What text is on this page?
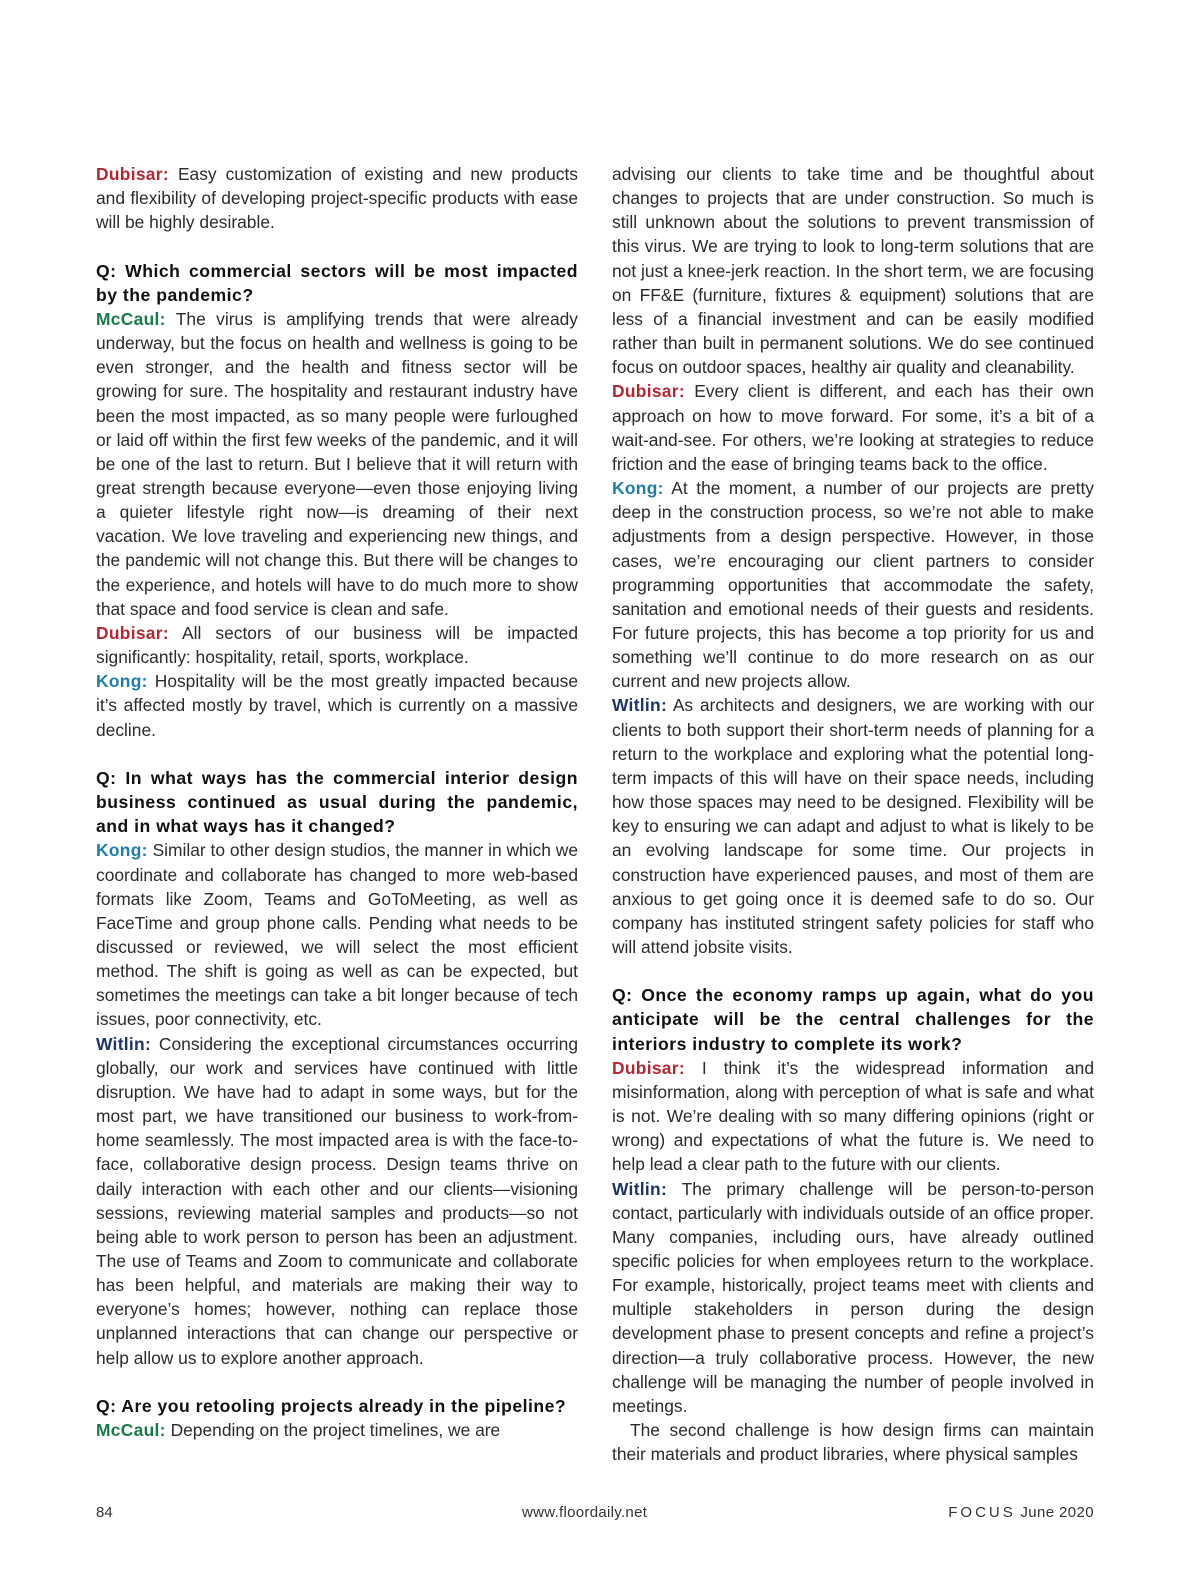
Dubisar: Easy customization of existing and new products and flexibility of developing project-specific products with ease will be highly desirable.

Q: Which commercial sectors will be most impacted by the pandemic?

McCaul: The virus is amplifying trends that were already underway, but the focus on health and wellness is going to be even stronger, and the health and fitness sector will be growing for sure. The hospitality and restaurant industry have been the most impacted, as so many people were furloughed or laid off within the first few weeks of the pandemic, and it will be one of the last to return. But I believe that it will return with great strength because everyone—even those enjoying living a quieter lifestyle right now—is dreaming of their next vacation. We love traveling and experiencing new things, and the pandemic will not change this. But there will be changes to the experience, and hotels will have to do much more to show that space and food service is clean and safe.

Dubisar: All sectors of our business will be impacted significantly: hospitality, retail, sports, workplace.

Kong: Hospitality will be the most greatly impacted because it’s affected mostly by travel, which is currently on a massive decline.

Q: In what ways has the commercial interior design business continued as usual during the pandemic, and in what ways has it changed?

Kong: Similar to other design studios, the manner in which we coordinate and collaborate has changed to more web-based formats like Zoom, Teams and GoToMeeting, as well as FaceTime and group phone calls. Pending what needs to be discussed or reviewed, we will select the most efficient method. The shift is going as well as can be expected, but sometimes the meetings can take a bit longer because of tech issues, poor connectivity, etc.

Witlin: Considering the exceptional circumstances occurring globally, our work and services have continued with little disruption. We have had to adapt in some ways, but for the most part, we have transitioned our business to work-from-home seamlessly. The most impacted area is with the face-to-face, collaborative design process. Design teams thrive on daily interaction with each other and our clients—visioning sessions, reviewing material samples and products—so not being able to work person to person has been an adjustment. The use of Teams and Zoom to communicate and collaborate has been helpful, and materials are making their way to everyone’s homes; however, nothing can replace those unplanned interactions that can change our perspective or help allow us to explore another approach.

Q: Are you retooling projects already in the pipeline?

McCaul: Depending on the project timelines, we are

advising our clients to take time and be thoughtful about changes to projects that are under construction. So much is still unknown about the solutions to prevent transmission of this virus. We are trying to look to long-term solutions that are not just a knee-jerk reaction. In the short term, we are focusing on FF&E (furniture, fixtures & equipment) solutions that are less of a financial investment and can be easily modified rather than built in permanent solutions. We do see continued focus on outdoor spaces, healthy air quality and cleanability.

Dubisar: Every client is different, and each has their own approach on how to move forward. For some, it’s a bit of a wait-and-see. For others, we’re looking at strategies to reduce friction and the ease of bringing teams back to the office.

Kong: At the moment, a number of our projects are pretty deep in the construction process, so we’re not able to make adjustments from a design perspective. However, in those cases, we’re encouraging our client partners to consider programming opportunities that accommodate the safety, sanitation and emotional needs of their guests and residents. For future projects, this has become a top priority for us and something we’ll continue to do more research on as our current and new projects allow.

Witlin: As architects and designers, we are working with our clients to both support their short-term needs of planning for a return to the workplace and exploring what the potential long-term impacts of this will have on their space needs, including how those spaces may need to be designed. Flexibility will be key to ensuring we can adapt and adjust to what is likely to be an evolving landscape for some time. Our projects in construction have experienced pauses, and most of them are anxious to get going once it is deemed safe to do so. Our company has instituted stringent safety policies for staff who will attend jobsite visits.

Q: Once the economy ramps up again, what do you anticipate will be the central challenges for the interiors industry to complete its work?

Dubisar: I think it’s the widespread information and misinformation, along with perception of what is safe and what is not. We’re dealing with so many differing opinions (right or wrong) and expectations of what the future is. We need to help lead a clear path to the future with our clients.

Witlin: The primary challenge will be person-to-person contact, particularly with individuals outside of an office proper. Many companies, including ours, have already outlined specific policies for when employees return to the workplace. For example, historically, project teams meet with clients and multiple stakeholders in person during the design development phase to present concepts and refine a project’s direction—a truly collaborative process. However, the new challenge will be managing the number of people involved in meetings.

The second challenge is how design firms can maintain their materials and product libraries, where physical samples

84	www.floordaily.net	FOCUS June 2020
